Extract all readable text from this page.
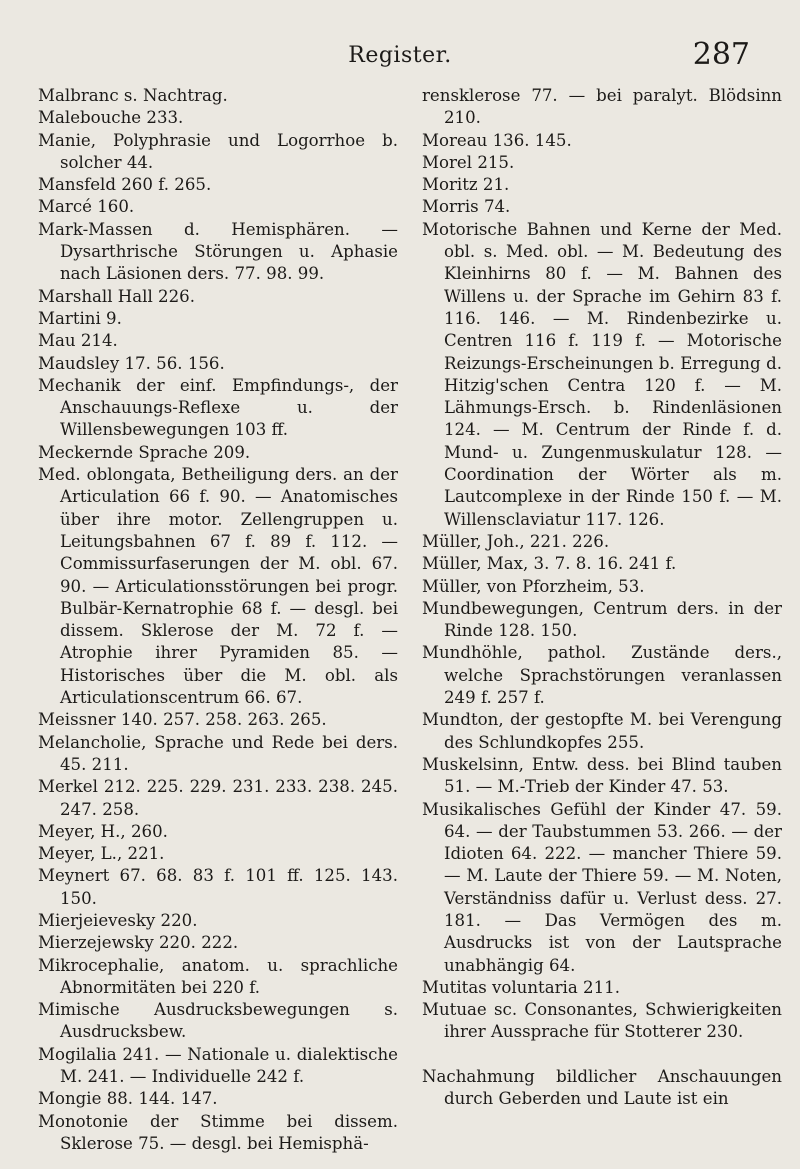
Register.	287
Malbranc s. Nachtrag.
Malebouche 233.
Manie, Polyphrasie und Logorrhoe b. solcher 44.
Mansfeld 260 f. 265.
Marcé 160.
Mark-Massen d. Hemisphären. — Dysarthrische Störungen u. Aphasie nach Läsionen ders. 77. 98. 99.
Marshall Hall 226.
Martini 9.
Mau 214.
Maudsley 17. 56. 156.
Mechanik der einf. Empfindungs-, der Anschauungs-Reflexe u. der Willensbewegungen 103 ff.
Meckernde Sprache 209.
Med. oblongata, Betheiligung ders. an der Articulation 66 f. 90. — Anatomisches über ihre motor. Zellengruppen u. Leitungsbahnen 67 f. 89 f. 112. — Commissurfaserungen der M. obl. 67. 90. — Articulationsstörungen bei progr. Bulbär-Kernatrophie 68 f. — desgl. bei dissem. Sklerose der M. 72 f. — Atrophie ihrer Pyramiden 85. — Historisches über die M. obl. als Articulationscentrum 66. 67.
Meissner 140. 257. 258. 263. 265.
Melancholie, Sprache und Rede bei ders. 45. 211.
Merkel 212. 225. 229. 231. 233. 238. 245. 247. 258.
Meyer, H., 260.
Meyer, L., 221.
Meynert 67. 68. 83 f. 101 ff. 125. 143. 150.
Mierjeievesky 220.
Mierzejewsky 220. 222.
Mikrocephalie, anatom. u. sprachliche Abnormitäten bei 220 f.
Mimische Ausdrucksbewegungen s. Ausdrucksbew.
Mogilalia 241. — Nationale u. dialektische M. 241. — Individuelle 242 f.
Mongie 88. 144. 147.
Monotonie der Stimme bei dissem. Sklerose 75. — desgl. bei Hemisphä-
rensklerose 77. — bei paralyt. Blödsinn 210.
Moreau 136. 145.
Morel 215.
Moritz 21.
Morris 74.
Motorische Bahnen und Kerne der Med. obl. s. Med. obl. — M. Bedeutung des Kleinhirns 80 f. — M. Bahnen des Willens u. der Sprache im Gehirn 83 f. 116. 146. — M. Rindenbezirke u. Centren 116 f. 119 f. — Motorische Reizungs-Erscheinungen b. Erregung d. Hitzig'schen Centra 120 f. — M. Lähmungs-Ersch. b. Rindenläsionen 124. — M. Centrum der Rinde f. d. Mund- u. Zungenmuskulatur 128. — Coordination der Wörter als m. Lautcomplexe in der Rinde 150 f. — M. Willensclaviatur 117. 126.
Müller, Joh., 221. 226.
Müller, Max, 3. 7. 8. 16. 241 f.
Müller, von Pforzheim, 53.
Mundbewegungen, Centrum ders. in der Rinde 128. 150.
Mundhöhle, pathol. Zustände ders., welche Sprachstörungen veranlassen 249 f. 257 f.
Mundton, der gestopfte M. bei Verengung des Schlundkopfes 255.
Muskelsinn, Entw. dess. bei Blind tauben 51. — M.-Trieb der Kinder 47. 53.
Musikalisches Gefühl der Kinder 47. 59. 64. — der Taubstummen 53. 266. — der Idioten 64. 222. — mancher Thiere 59. — M. Laute der Thiere 59. — M. Noten, Verständniss dafür u. Verlust dess. 27. 181. — Das Vermögen des m. Ausdrucks ist von der Lautsprache unabhängig 64.
Mutitas voluntaria 211.
Mutuae sc. Consonantes, Schwierigkeiten ihrer Aussprache für Stotterer 230.
Nachahmung bildlicher Anschauungen durch Geberden und Laute ist ein
